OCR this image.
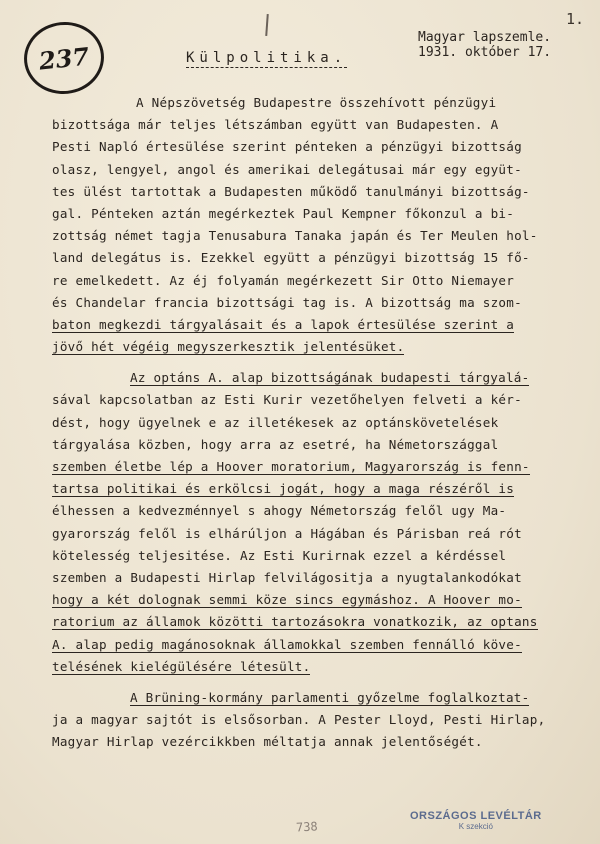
1.
237	Külpolitika.
Magyar lapszemle.
1931. október 17.
A Népszövetség Budapestre összehívott pénzügyi
bizottsága már teljes létszámban együtt van Budapesten. A
Pesti Napló értesülése szerint pénteken a pénzügyi bizottság
olasz, lengyel, angol és amerikai delegátusai már egy együt-
tes ülést tartottak a Budapesten működő tanulmányi bizottság-
gal. Pénteken aztán megérkeztek Paul Kempner főkonzul a bi-
zottság német tagja Tenusabura Tanaka japán és Ter Meulen hol-
land delegátus is. Ezekkel együtt a pénzügyi bizottság 15 fő-
re emelkedett. Az éj folyamán megérkezett Sir Otto Niemayer
és Chandelar francia bizottsági tag is. A bizottság ma szom-
baton megkezdi tárgyalásait és a lapok értesülése szerint a
jövő hét végéig megyszerkesztik jelentésüket.
Az optáns A. alap bizottságának budapesti tárgyalá-
sával kapcsolatban az Esti Kurir vezetőhelyen felveti a kér-
dést, hogy ügyelnek e az illetékesek az optánskövetelések
tárgyalása közben, hogy arra az esetré, ha Németországgal
szemben életbe lép a Hoover moratorium, Magyarország is fenn-
tartsa politikai és erkölcsi jogát, hogy a maga részéről is
élhessen a kedvezménnyel s ahogy Németország felől ugy Ma-
gyarország felől is elhárúljon a Hágában és Párisban reá rót
kötelesség teljesitése. Az Esti Kurirnak ezzel a kérdéssel
szemben a Budapesti Hirlap felvilágositja a nyugtalankodókat
hogy a két dolognak semmi köze sincs egymáshoz. A Hoover mo-
ratorium az államok közötti tartozásokra vonatkozik, az optans
A. alap pedig magánosoknak államokkal szemben fennálló köve-
telésének kielégülésére létesült.
A Brüning-kormány parlamenti győzelme foglalkoztat-
ja a magyar sajtót is elsősorban. A Pester Lloyd, Pesti Hirlap,
Magyar Hirlap vezércikkben méltatja annak jelentőségét.
738
ORSZÁGOS LEVÉLTÁR
K szekció
